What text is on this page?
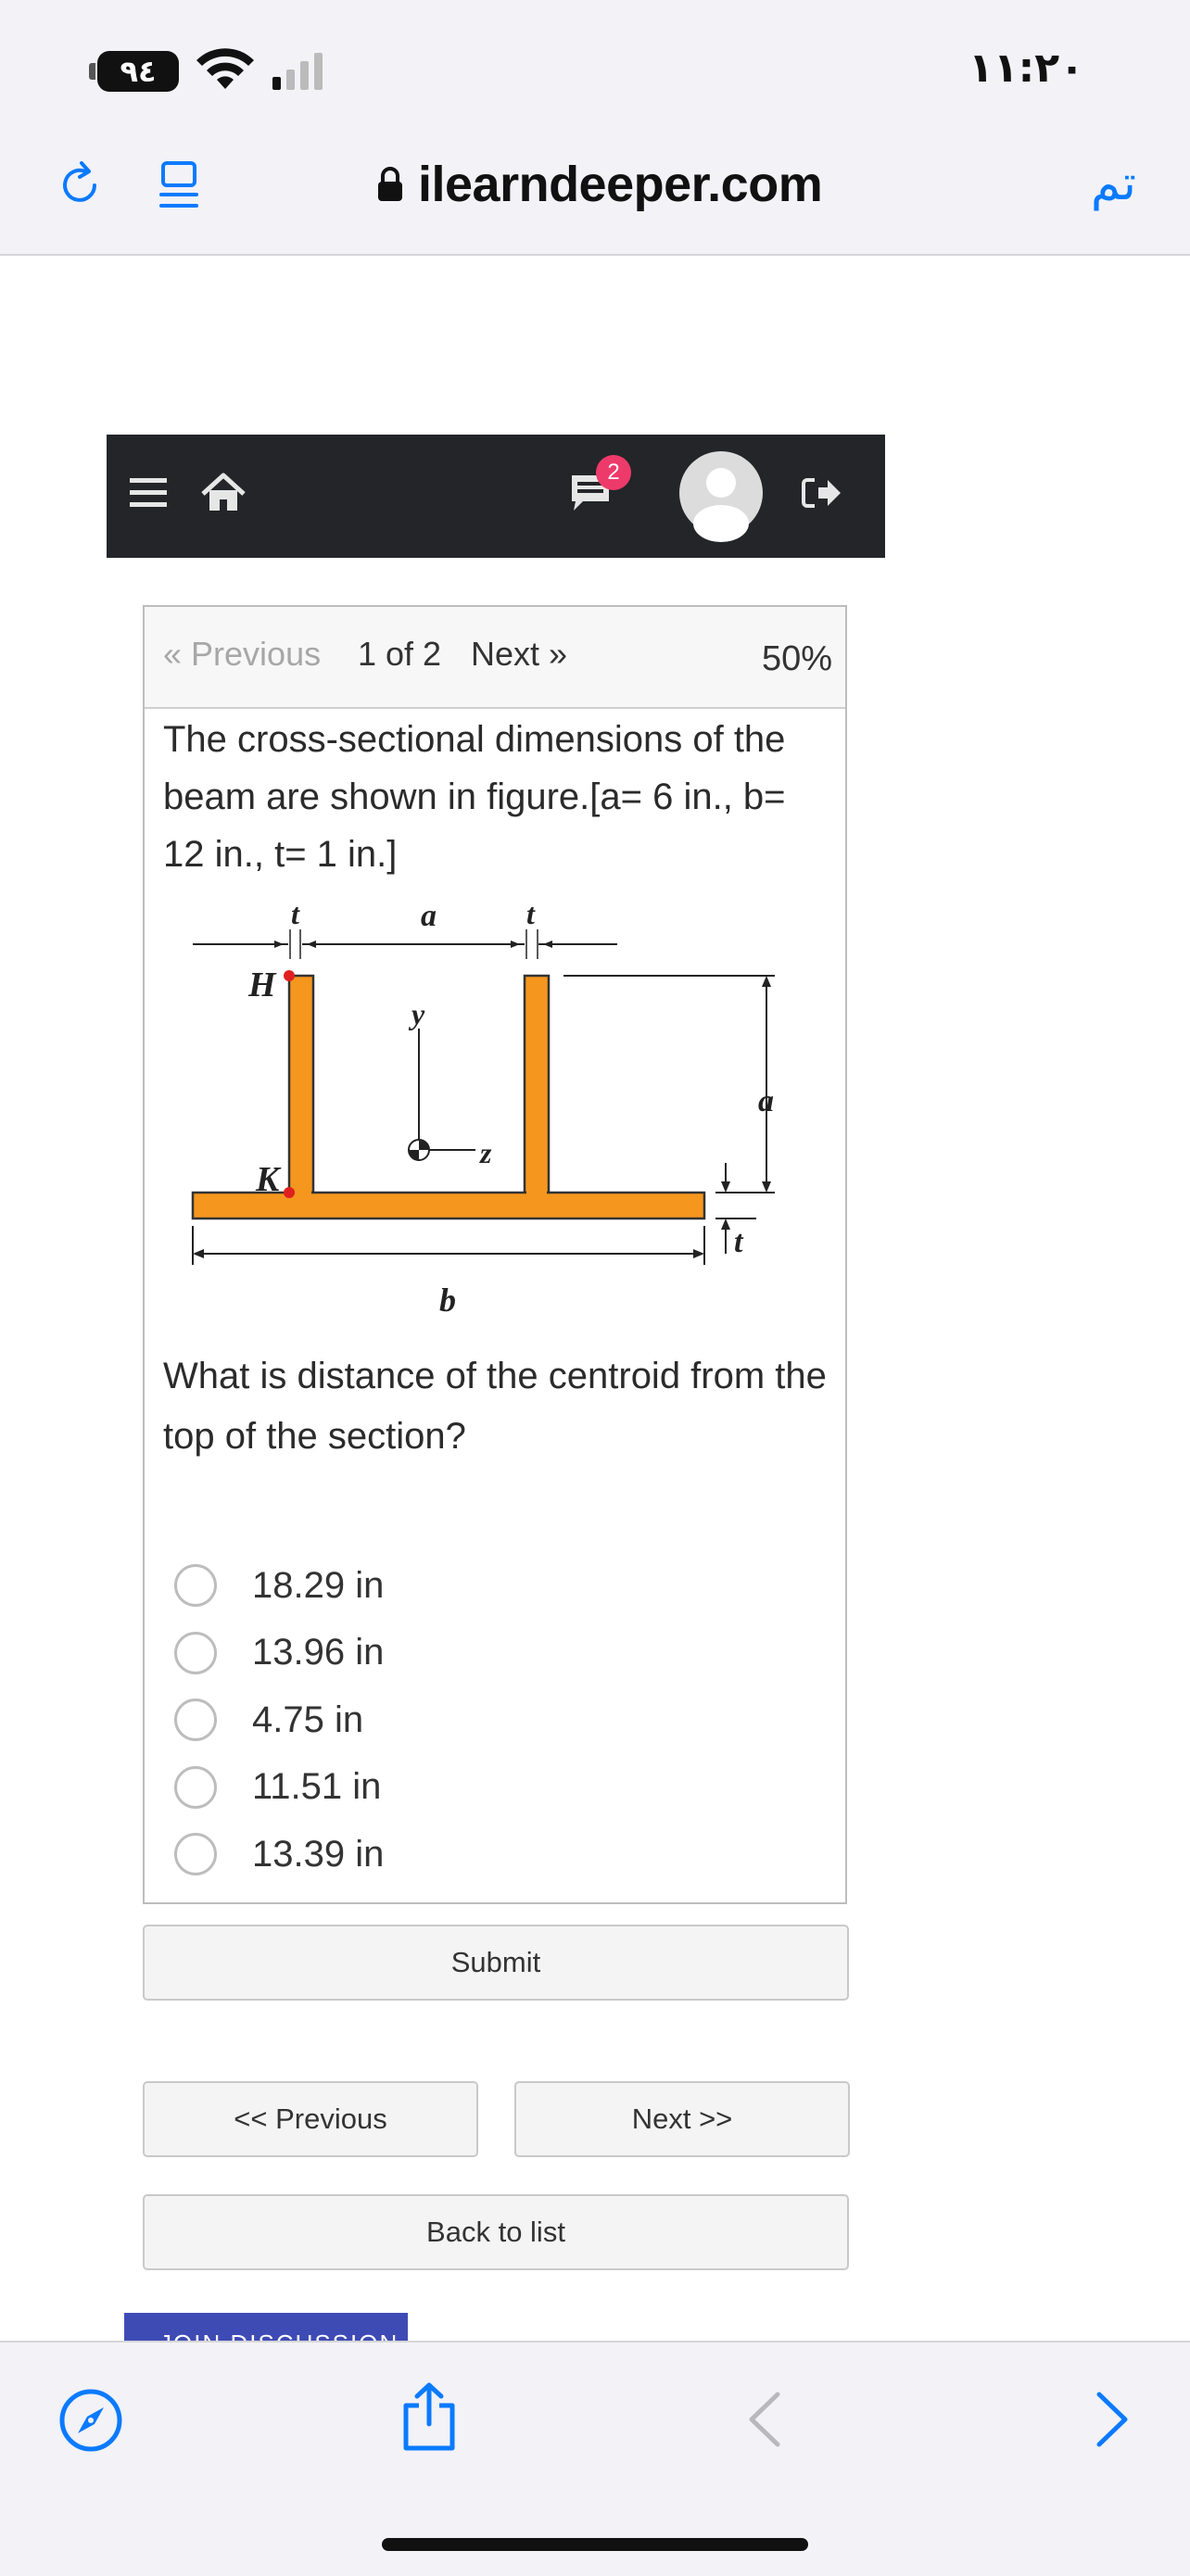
٩٤	١١:٢٠
ilearndeeper.com	تم
2
« Previous 1 of 2 Next »	50%
The cross-sectional dimensions of the beam are shown in figure.[a= 6 in., b= 12 in., t= 1 in.]
t	a	t
H
K
y
z
a
t
b
What is distance of the centroid from the top of the section?
18.29 in
13.96 in
4.75 in
11.51 in
13.39 in
Submit
<< Previous	Next >>
Back to list
